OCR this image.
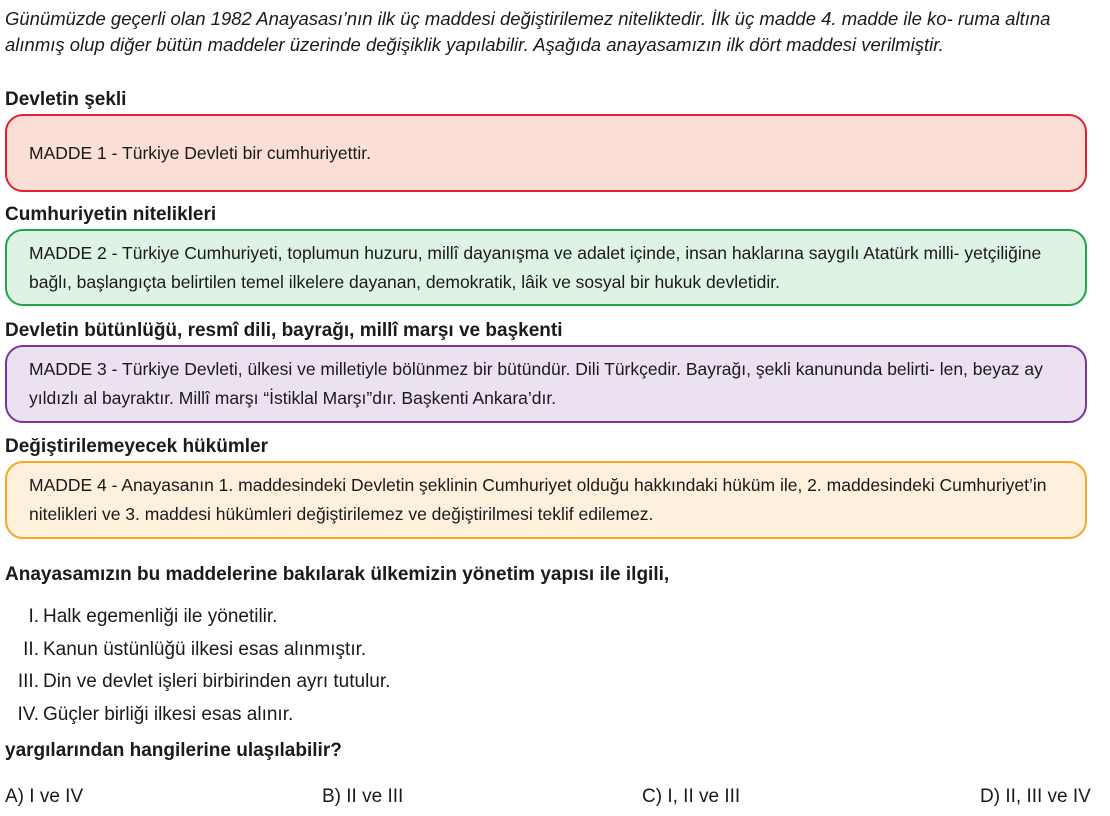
Günümüzde geçerli olan 1982 Anayasası’nın ilk üç maddesi değiştirilemez niteliktedir. İlk üç madde 4. madde ile ko- ruma altına alınmış olup diğer bütün maddeler üzerinde değişiklik yapılabilir. Aşağıda anayasamızın ilk dört maddesi verilmiştir.

Devletin şekli

MADDE 1 - Türkiye Devleti bir cumhuriyettir.

Cumhuriyetin nitelikleri

MADDE 2 - Türkiye Cumhuriyeti, toplumun huzuru, millî dayanışma ve adalet içinde, insan haklarına saygılı Atatürk milli- yetçiliğine bağlı, başlangıçta belirtilen temel ilkelere dayanan, demokratik, lâik ve sosyal bir hukuk devletidir.

Devletin bütünlüğü, resmî dili, bayrağı, millî marşı ve başkenti

MADDE 3 - Türkiye Devleti, ülkesi ve milletiyle bölünmez bir bütündür. Dili Türkçedir. Bayrağı, şekli kanununda belirti- len, beyaz ay yıldızlı al bayraktır. Millî marşı “İstiklal Marşı”dır. Başkenti Ankara’dır.

Değiştirilemeyecek hükümler

MADDE 4 - Anayasanın 1. maddesindeki Devletin şeklinin Cumhuriyet olduğu hakkındaki hüküm ile, 2. maddesindeki Cumhuriyet’in nitelikleri ve 3. maddesi hükümleri değiştirilemez ve değiştirilmesi teklif edilemez.

Anayasamızın bu maddelerine bakılarak ülkemizin yönetim yapısı ile ilgili,

I. Halk egemenliği ile yönetilir.
II. Kanun üstünlüğü ilkesi esas alınmıştır.
III. Din ve devlet işleri birbirinden ayrı tutulur.
IV. Güçler birliği ilkesi esas alınır.

yargılarından hangilerine ulaşılabilir?

A) I ve IV	B) II ve III	C) I, II ve III	D) II, III ve IV
